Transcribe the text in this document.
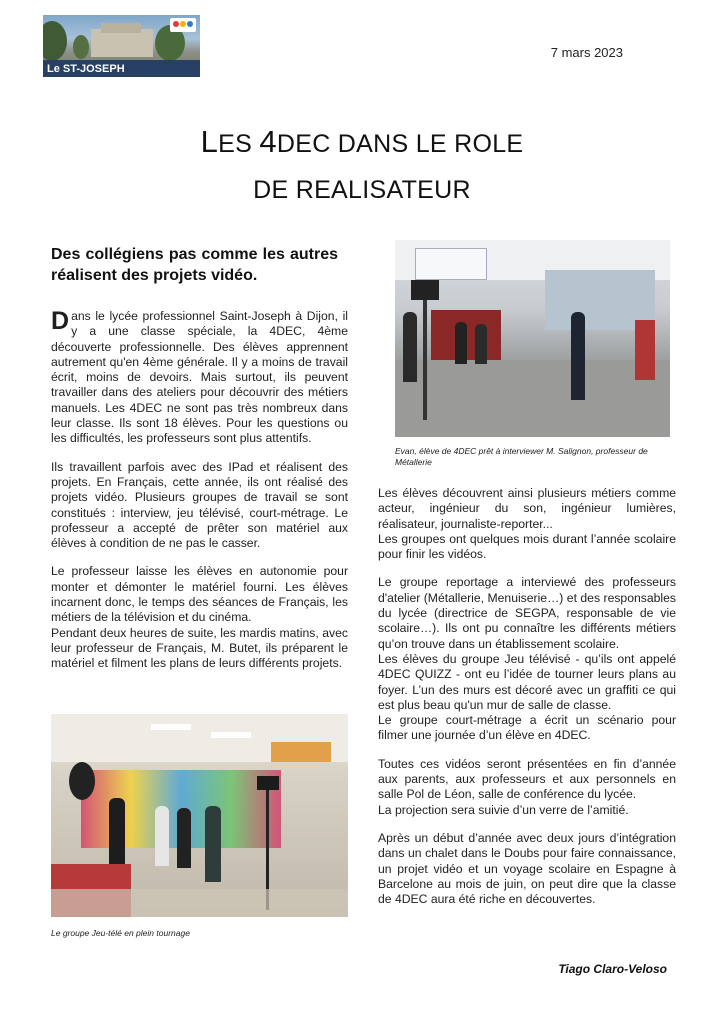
Le ST-JOSEPH
7 mars 2023
LES 4DEC DANS LE ROLE
DE REALISATEUR
Des collégiens pas comme les autres réalisent des projets vidéo.

Dans le lycée professionnel Saint-Joseph à Dijon, il y a une classe spéciale, la 4DEC, 4ème découverte professionnelle. Des élèves apprennent autrement qu'en 4ème générale. Il y a moins de travail écrit, moins de devoirs. Mais surtout, ils peuvent travailler dans des ateliers pour découvrir des métiers manuels. Les 4DEC ne sont pas très nombreux dans leur classe. Ils sont 18 élèves. Pour les questions ou les difficultés, les professeurs sont plus attentifs.

Ils travaillent parfois avec des IPad et réalisent des projets. En Français, cette année, ils ont réalisé des projets vidéo. Plusieurs groupes de travail se sont constitués : interview, jeu télévisé, court-métrage. Le professeur a accepté de prêter son matériel aux élèves à condition de ne pas le casser.

Le professeur laisse les élèves en autonomie pour monter et démonter le matériel fourni. Les élèves incarnent donc, le temps des séances de Français, les métiers de la télévision et du cinéma.

Pendant deux heures de suite, les mardis matins, avec leur professeur de Français, M. Butet, ils préparent le matériel et filment les plans de leurs différents projets.

Evan, élève de 4DEC prêt à interviewer M. Salignon, professeur de Métallerie

Les élèves découvrent ainsi plusieurs métiers comme acteur, ingénieur du son, ingénieur lumières, réalisateur, journaliste-reporter...

Les groupes ont quelques mois durant l’année scolaire pour finir les vidéos.

Le groupe reportage a interviewé des professeurs d'atelier (Métallerie, Menuiserie…) et des responsables du lycée (directrice de SEGPA, responsable de vie scolaire…). Ils ont pu connaître les différents métiers qu’on trouve dans un établissement scolaire.

Les élèves du groupe Jeu télévisé - qu’ils ont appelé 4DEC QUIZZ - ont eu l’idée de tourner leurs plans au foyer. L’un des murs est décoré avec un graffiti ce qui est plus beau qu'un mur de salle de classe.

Le groupe court-métrage a écrit un scénario pour filmer une journée d’un élève en 4DEC.

Toutes ces vidéos seront présentées en fin d’année aux parents, aux professeurs et aux personnels en salle Pol de Léon, salle de conférence du lycée.

La projection sera suivie d’un verre de l’amitié.

Après un début d’année avec deux jours d’intégration dans un chalet dans le Doubs pour faire connaissance, un projet vidéo et un voyage scolaire en Espagne à Barcelone au mois de juin, on peut dire que la classe de 4DEC aura été riche en découvertes.

Le groupe Jeu-télé en plein tournage
Tiago Claro-Veloso
